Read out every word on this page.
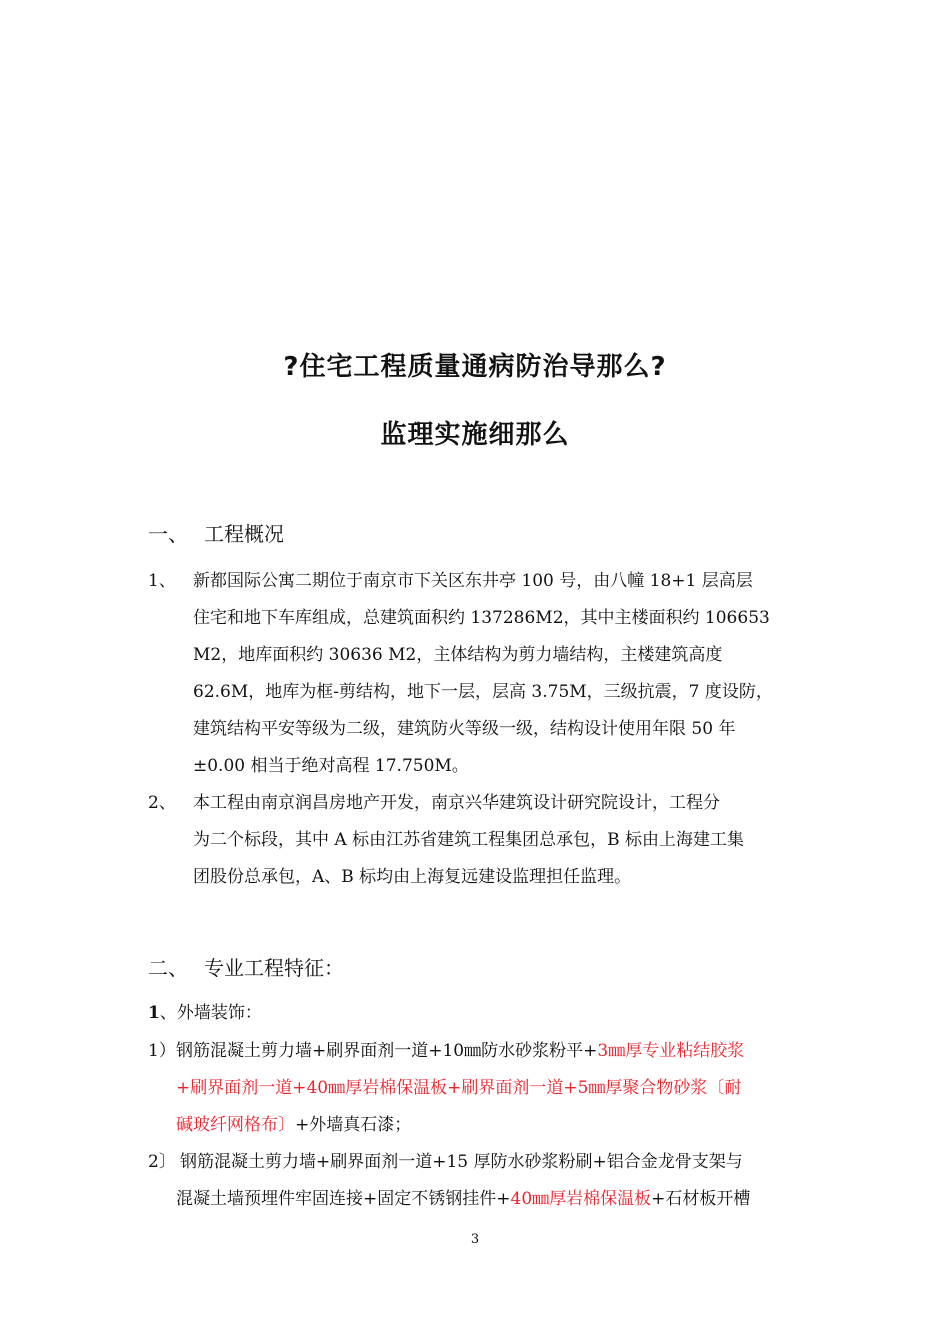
?住宅工程质量通病防治导那么?
监理实施细那么
一、 工程概况
1、 新都国际公寓二期位于南京市下关区东井亭 100 号，由八幢 18+1 层高层
住宅和地下车库组成，总建筑面积约 137286M2，其中主楼面积约 106653
M2，地库面积约 30636 M2，主体结构为剪力墙结构，主楼建筑高度
62.6M，地库为框-剪结构，地下一层，层高 3.75M，三级抗震，7 度设防，
建筑结构平安等级为二级，建筑防火等级一级，结构设计使用年限 50 年
±0.00 相当于绝对高程 17.750M。
2、 本工程由南京润昌房地产开发，南京兴华建筑设计研究院设计，工程分
为二个标段，其中 A 标由江苏省建筑工程集团总承包，B 标由上海建工集
团股份总承包，A、B 标均由上海复远建设监理担任监理。
二、 专业工程特征：
1、外墙装饰：
1） 钢筋混凝土剪力墙+刷界面剂一道+10㎜防水砂浆粉平+3㎜厚专业粘结胶浆
+刷界面剂一道+40㎜厚岩棉保温板+刷界面剂一道+5㎜厚聚合物砂浆〔耐
碱玻纤网格布〕+外墙真石漆；
2〕 钢筋混凝土剪力墙+刷界面剂一道+15 厚防水砂浆粉刷+铝合金龙骨支架与
混凝土墙预埋件牢固连接+固定不锈钢挂件+40㎜厚岩棉保温板+石材板开槽
3
